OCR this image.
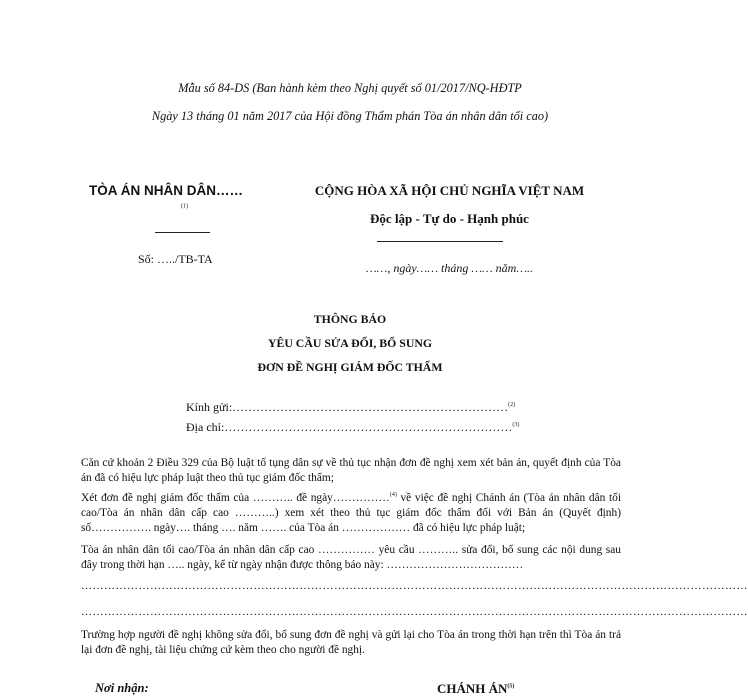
Mẫu số 84-DS (Ban hành kèm theo Nghị quyết số 01/2017/NQ-HĐTP
Ngày 13 tháng 01 năm 2017 của Hội đồng Thẩm phán Tòa án nhân dân tối cao)
TÒA ÁN NHÂN DÂN……
$^{(1)}$
Số: …../TB-TA
CỘNG HÒA XÃ HỘI CHỦ NGHĨA VIỆT NAM
Độc lập - Tự do - Hạnh phúc
……, ngày…… tháng …… năm…..
THÔNG BÁO
YÊU CẦU SỬA ĐỔI, BỔ SUNG
ĐƠN ĐỀ NGHỊ GIÁM ĐỐC THẨM
Kính gửi:……………………………………………………………$^{(2)}$
Địa chỉ:………………………………………………………………$^{(3)}$
Căn cứ khoản 2 Điều 329 của Bộ luật tố tụng dân sự về thủ tục nhận đơn đề nghị xem xét bản án, quyết định của Tòa án đã có hiệu lực pháp luật theo thủ tục giám đốc thẩm;
Xét đơn đề nghị giám đốc thẩm của ……….. đề ngày……………$^{(4)}$ về việc đề nghị Chánh án (Tòa án nhân dân tối cao/Tòa án nhân dân cấp cao ………..) xem xét theo thủ tục giám đốc thẩm đối với Bản án (Quyết định) số……………. ngày…. tháng …. năm ……. của Tòa án ……………… đã có hiệu lực pháp luật;
Tòa án nhân dân tối cao/Tòa án nhân dân cấp cao …………… yêu cầu ……….. sửa đổi, bổ sung các nội dung sau đây trong thời hạn ….. ngày, kể từ ngày nhận được thông báo này: ………………………………
…………………………………………………………………………………………………………………………………………………………
…………………………………………………………………………………………………………………………………………………………
Trường hợp người đề nghị không sửa đổi, bổ sung đơn đề nghị và gửi lại cho Tòa án trong thời hạn trên thì Tòa án trả lại đơn đề nghị, tài liệu chứng cứ kèm theo cho người đề nghị.
Nơi nhận:	CHÁNH ÁN$^{(5)}$
